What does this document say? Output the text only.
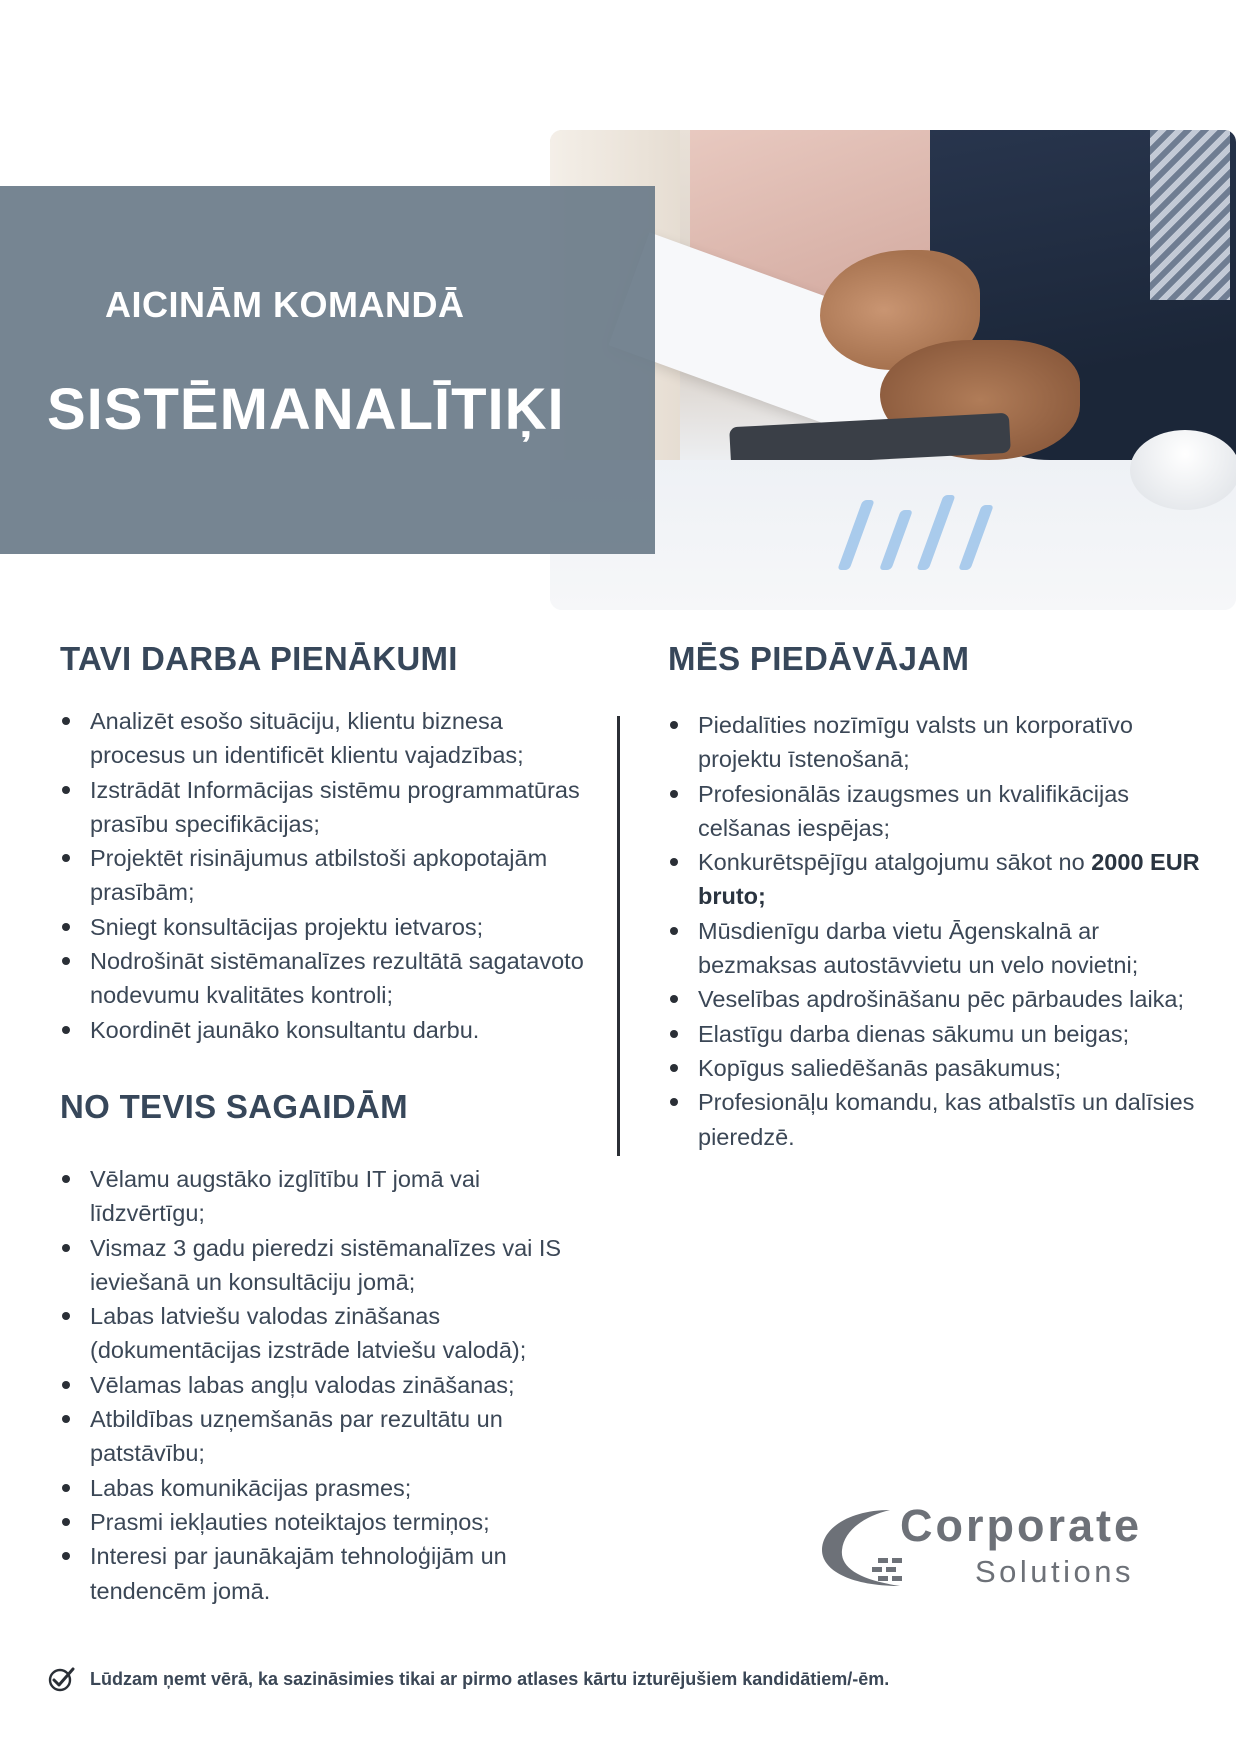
AICINĀM KOMANDĀ
SISTĒMANALĪTIĶI
TAVI DARBA PIENĀKUMI
Analizēt esošo situāciju, klientu biznesa procesus un identificēt klientu vajadzības;
Izstrādāt Informācijas sistēmu programmatūras prasību specifikācijas;
Projektēt risinājumus atbilstoši apkopotajām prasībām;
Sniegt konsultācijas projektu ietvaros;
Nodrošināt sistēmanalīzes rezultātā sagatavoto nodevumu kvalitātes kontroli;
Koordinēt jaunāko konsultantu darbu.
NO TEVIS SAGAIDĀM
Vēlamu augstāko izglītību IT jomā vai līdzvērtīgu;
Vismaz 3 gadu pieredzi sistēmanalīzes vai IS ieviešanā un konsultāciju jomā;
Labas latviešu valodas zināšanas (dokumentācijas izstrāde latviešu valodā);
Vēlamas labas angļu valodas zināšanas;
Atbildības uzņemšanās par rezultātu un patstāvību;
Labas komunikācijas prasmes;
Prasmi iekļauties noteiktajos termiņos;
Interesi par jaunākajām tehnoloģijām un tendencēm jomā.
MĒS PIEDĀVĀJAM
Piedalīties nozīmīgu valsts un korporatīvo projektu īstenošanā;
Profesionālās izaugsmes un kvalifikācijas celšanas iespējas;
Konkurētspējīgu atalgojumu sākot no 2000 EUR bruto;
Mūsdienīgu darba vietu Āgenskalnā ar bezmaksas autostāvvietu un velo novietni;
Veselības apdrošināšanu pēc pārbaudes laika;
Elastīgu darba dienas sākumu un beigas;
Kopīgus saliedēšanās pasākumus;
Profesionāļu komandu, kas atbalstīs un dalīsies pieredzē.
Corporate
Solutions
Lūdzam ņemt vērā, ka sazināsimies tikai ar pirmo atlases kārtu izturējušiem kandidātiem/-ēm.
